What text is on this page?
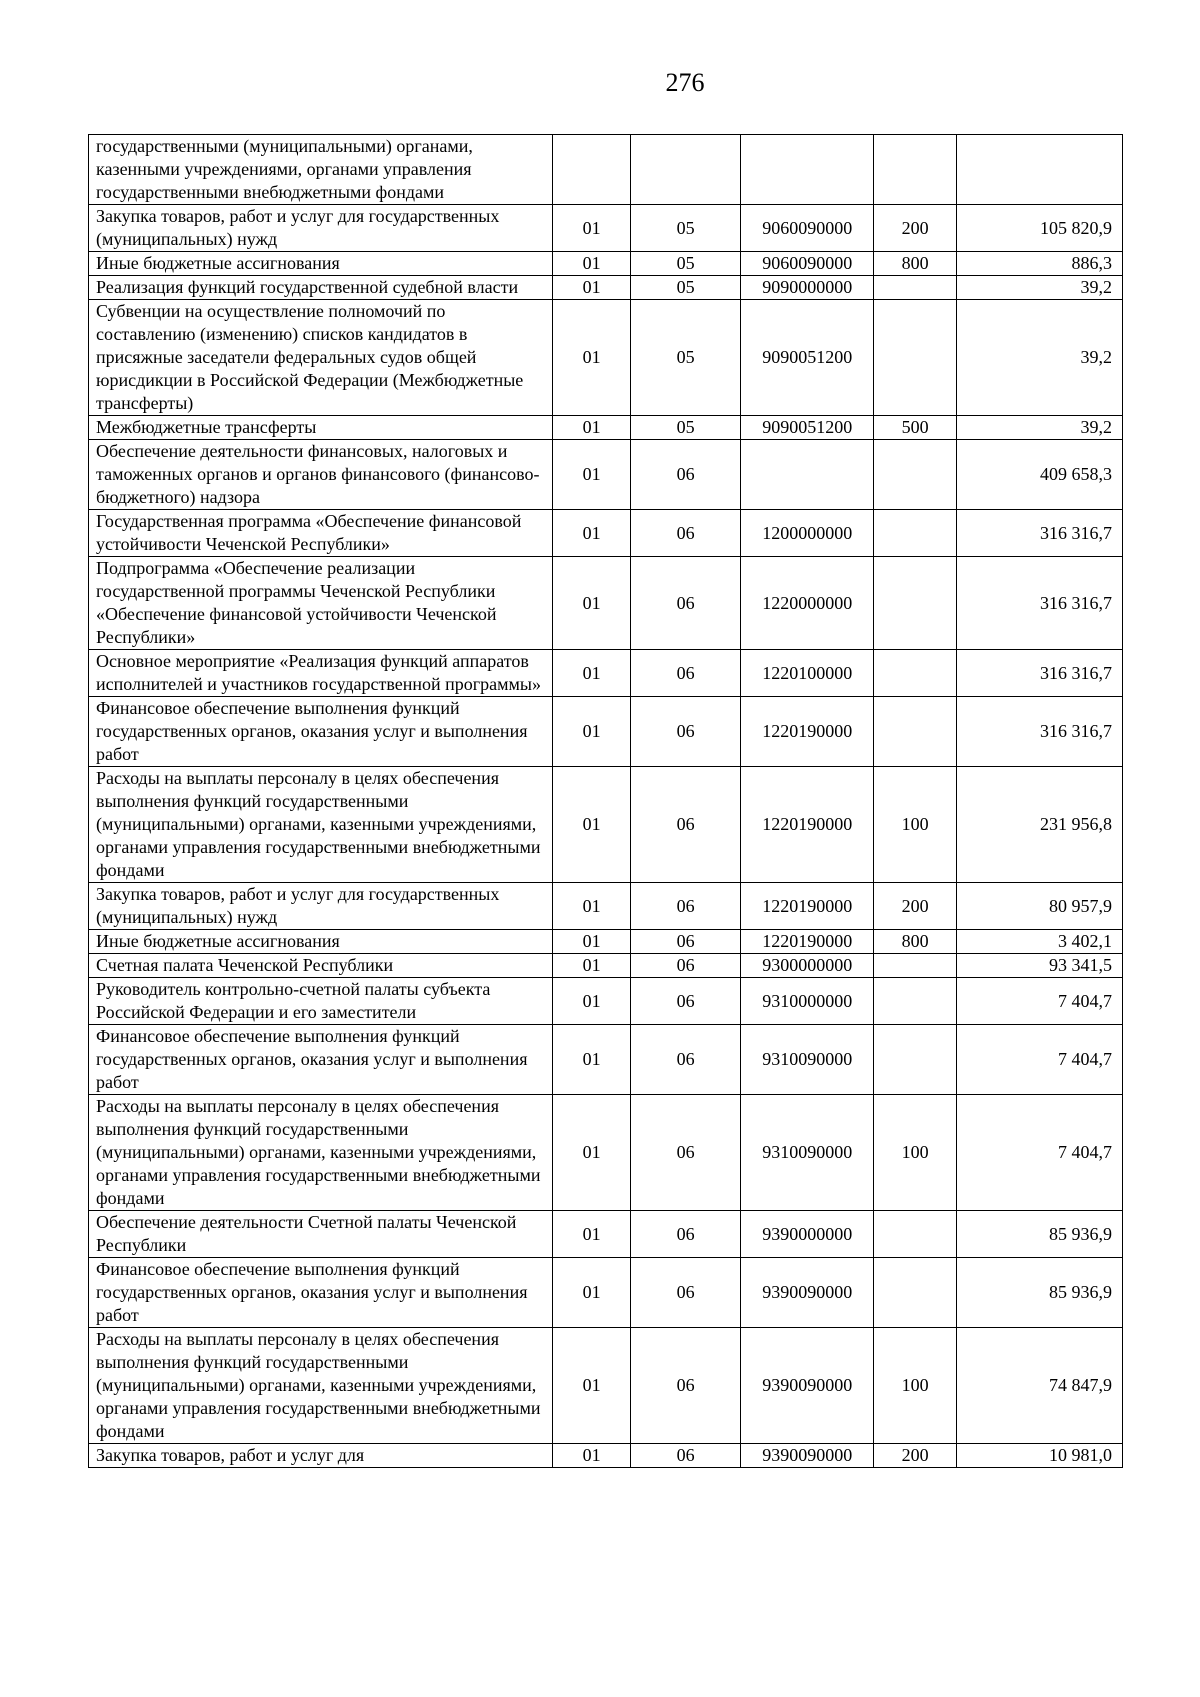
276
государственными (муниципальными) органами, казенными учреждениями, органами управления государственными внебюджетными фондами					
Закупка товаров, работ и услуг для государственных (муниципальных) нужд	01	05	9060090000	200	105 820,9
Иные бюджетные ассигнования	01	05	9060090000	800	886,3
Реализация функций государственной судебной власти	01	05	9090000000		39,2
Субвенции на осуществление полномочий по составлению (изменению) списков кандидатов в присяжные заседатели федеральных судов общей юрисдикции в Российской Федерации (Межбюджетные трансферты)	01	05	9090051200		39,2
Межбюджетные трансферты	01	05	9090051200	500	39,2
Обеспечение деятельности финансовых, налоговых и таможенных органов и органов финансового (финансово-бюджетного) надзора	01	06			409 658,3
Государственная программа «Обеспечение финансовой устойчивости Чеченской Республики»	01	06	1200000000		316 316,7
Подпрограмма «Обеспечение реализации государственной программы Чеченской Республики «Обеспечение финансовой устойчивости Чеченской Республики»	01	06	1220000000		316 316,7
Основное мероприятие «Реализация функций аппаратов исполнителей и участников государственной программы»	01	06	1220100000		316 316,7
Финансовое обеспечение выполнения функций государственных органов, оказания услуг и выполнения работ	01	06	1220190000		316 316,7
Расходы на выплаты персоналу в целях обеспечения выполнения функций государственными (муниципальными) органами, казенными учреждениями, органами управления государственными внебюджетными фондами	01	06	1220190000	100	231 956,8
Закупка товаров, работ и услуг для государственных (муниципальных) нужд	01	06	1220190000	200	80 957,9
Иные бюджетные ассигнования	01	06	1220190000	800	3 402,1
Счетная палата Чеченской Республики	01	06	9300000000		93 341,5
Руководитель контрольно-счетной палаты субъекта Российской Федерации и его заместители	01	06	9310000000		7 404,7
Финансовое обеспечение выполнения функций государственных органов, оказания услуг и выполнения работ	01	06	9310090000		7 404,7
Расходы на выплаты персоналу в целях обеспечения выполнения функций государственными (муниципальными) органами, казенными учреждениями, органами управления государственными внебюджетными фондами	01	06	9310090000	100	7 404,7
Обеспечение деятельности Счетной палаты Чеченской Республики	01	06	9390000000		85 936,9
Финансовое обеспечение выполнения функций государственных органов, оказания услуг и выполнения работ	01	06	9390090000		85 936,9
Расходы на выплаты персоналу в целях обеспечения выполнения функций государственными (муниципальными) органами, казенными учреждениями, органами управления государственными внебюджетными фондами	01	06	9390090000	100	74 847,9
Закупка товаров, работ и услуг для	01	06	9390090000	200	10 981,0
